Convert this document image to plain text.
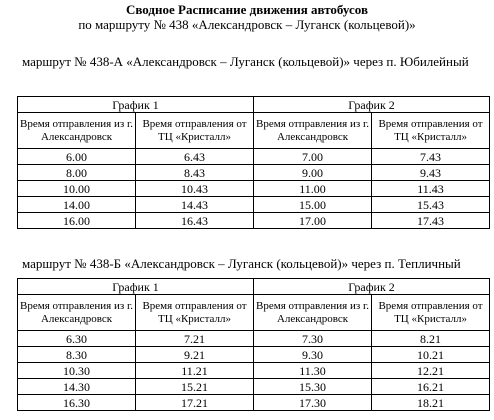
Сводное Расписание движения автобусов
по маршруту № 438 «Александровск – Луганск (кольцевой)»
маршрут № 438-А «Александровск – Луганск (кольцевой)» через п. Юбилейный
График 1		График 2	
Время отправления из г. Александровск	Время отправления от ТЦ «Кристалл»	Время отправления из г. Александровск	Время отправления от ТЦ «Кристалл»
6.00	6.43	7.00	7.43
8.00	8.43	9.00	9.43
10.00	10.43	11.00	11.43
14.00	14.43	15.00	15.43
16.00	16.43	17.00	17.43
маршрут № 438-Б «Александровск – Луганск (кольцевой)» через п. Тепличный
График 1		График 2	
Время отправления из г. Александровск	Время отправления от ТЦ «Кристалл»	Время отправления из г. Александровск	Время отправления от ТЦ «Кристалл»
6.30	7.21	7.30	8.21
8.30	9.21	9.30	10.21
10.30	11.21	11.30	12.21
14.30	15.21	15.30	16.21
16.30	17.21	17.30	18.21
